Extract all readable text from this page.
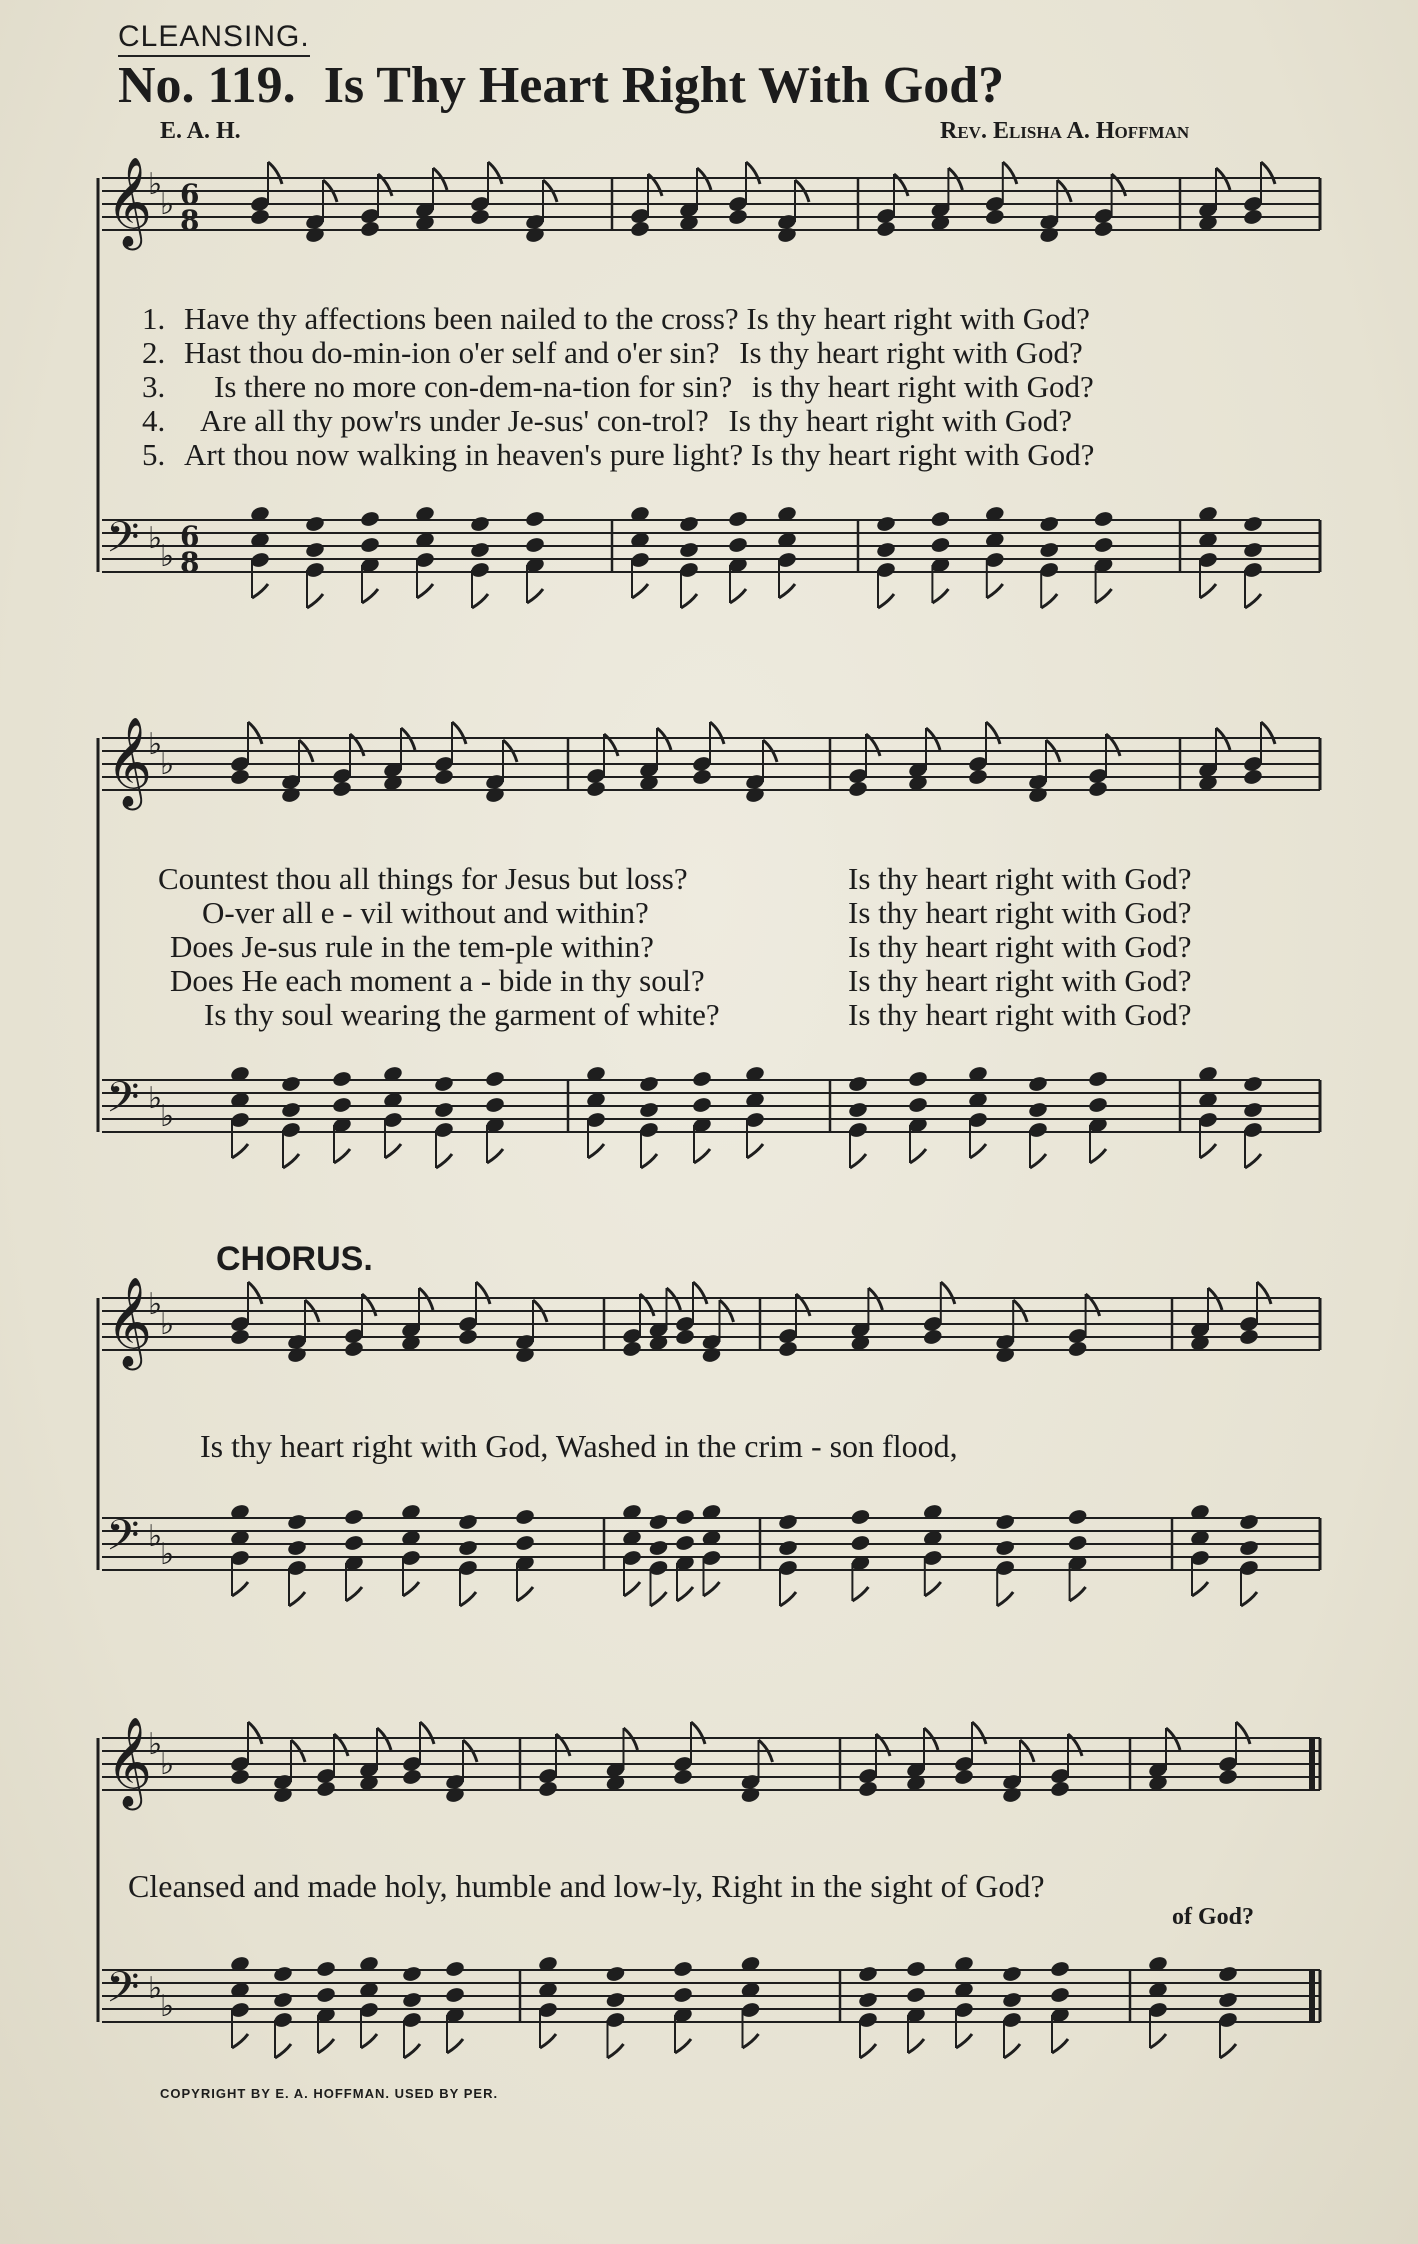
CLEANSING.
No. 119. Is Thy Heart Right With God?
E. A. H.	Rev. Elisha A. Hoffman
𝄞
♭
♭ 6
8
𝄢 ♭
♭
6
8
𝄞
♭
♭
𝄢 ♭
♭
𝄞
♭
♭
𝄢 ♭
♭
𝄞
♭
♭
𝄢 ♭
♭
1. Have thy affections been nailed to the cross? Is thy heart right with God?
2. Hast thou do-min-ion o'er self and o'er sin? Is thy heart right with God?
3. Is there no more con-dem-na-tion for sin? is thy heart right with God?
4. Are all thy pow'rs under Je-sus' con-trol? Is thy heart right with God?
5. Art thou now walking in heaven's pure light? Is thy heart right with God?
Countest thou all things for Jesus but loss?	Is thy heart right with God?
O-ver all e - vil without and within?	Is thy heart right with God?
Does Je-sus rule in the tem-ple within?	Is thy heart right with God?
Does He each moment a - bide in thy soul?	Is thy heart right with God?
Is thy soul wearing the garment of white?	Is thy heart right with God?
CHORUS.
Is thy heart right with God, Washed in the crim - son flood,
Cleansed and made holy, humble and low-ly, Right in the sight of God?
of God?
COPYRIGHT BY E. A. HOFFMAN. USED BY PER.
